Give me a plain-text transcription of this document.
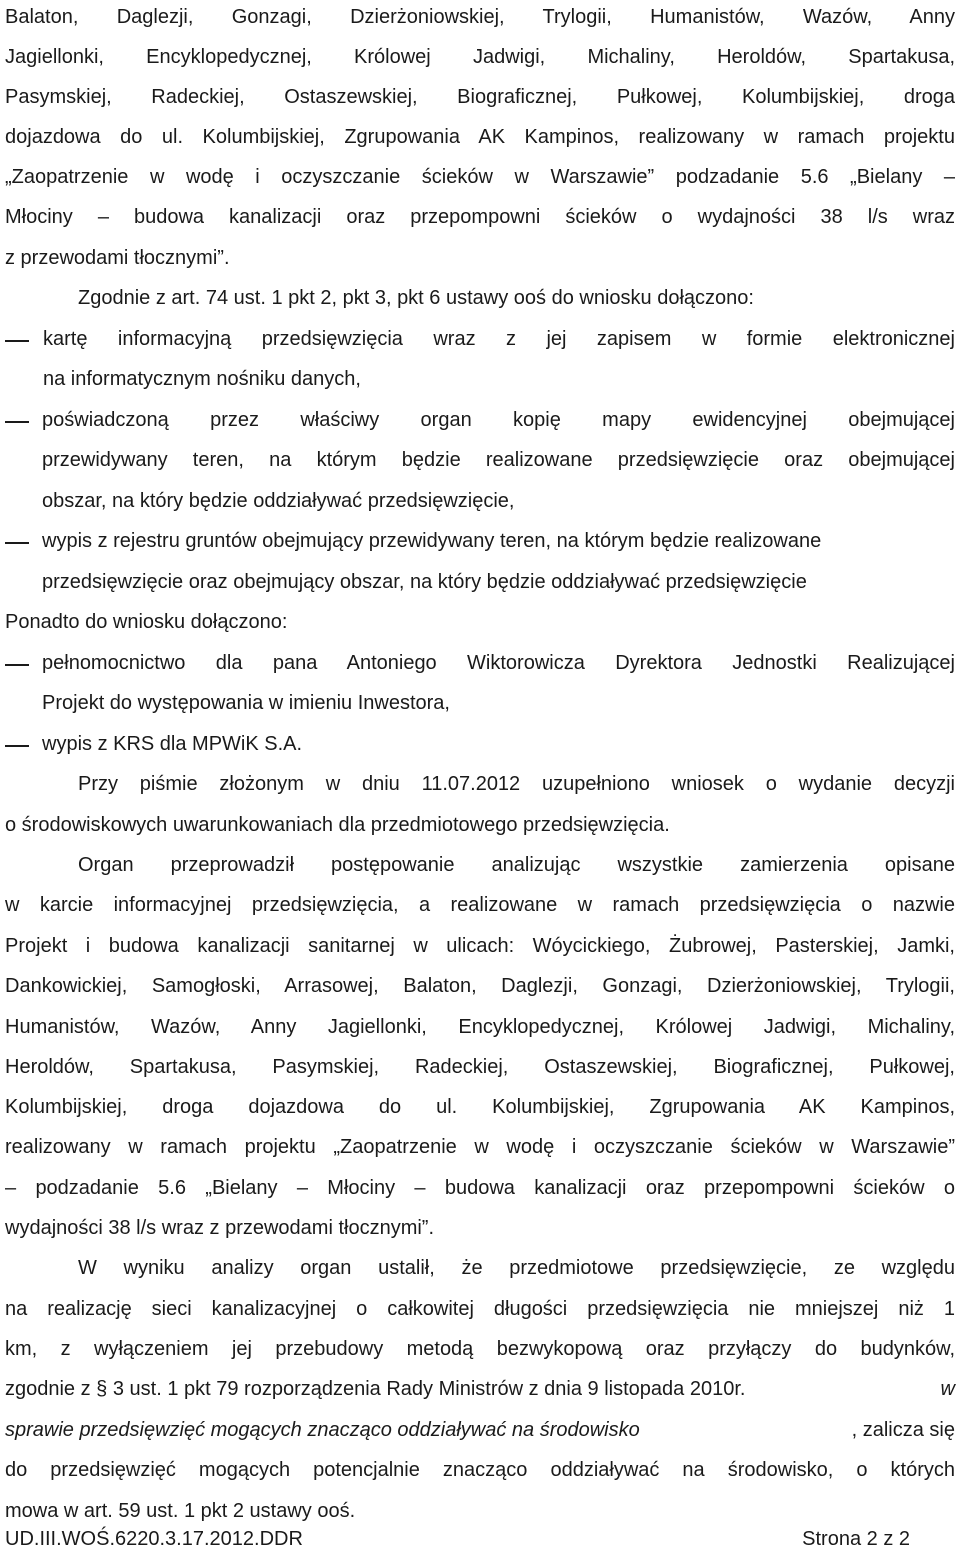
Balaton, Daglezji, Gonzagi, Dzierżoniowskiej, Trylogii, Humanistów, Wazów, Anny
Jagiellonki, Encyklopedycznej, Królowej Jadwigi, Michaliny, Heroldów, Spartakusa,
Pasymskiej, Radeckiej, Ostaszewskiej, Biograficznej, Pułkowej, Kolumbijskiej, droga
dojazdowa do ul. Kolumbijskiej, Zgrupowania AK Kampinos, realizowany w ramach projektu
„Zaopatrzenie w wodę i oczyszczanie ścieków w Warszawie” podzadanie 5.6 „Bielany –
Młociny – budowa kanalizacji oraz przepompowni ścieków o wydajności 38 l/s wraz
z przewodami tłocznymi”.
Zgodnie z art. 74 ust. 1 pkt 2, pkt 3, pkt 6 ustawy ooś do wniosku dołączono:
kartę informacyjną przedsięwzięcia wraz z jej zapisem w formie elektronicznej
na informatycznym nośniku danych,
poświadczoną przez właściwy organ kopię mapy ewidencyjnej obejmującej
przewidywany teren, na którym będzie realizowane przedsięwzięcie oraz obejmującej
obszar, na który będzie oddziaływać przedsięwzięcie,
wypis z rejestru gruntów obejmujący przewidywany teren, na którym będzie realizowane
przedsięwzięcie oraz obejmujący obszar, na który będzie oddziaływać przedsięwzięcie
Ponadto do wniosku dołączono:
pełnomocnictwo dla pana Antoniego Wiktorowicza Dyrektora Jednostki Realizującej
Projekt do występowania w imieniu Inwestora,
wypis z KRS dla MPWiK S.A.
Przy piśmie złożonym w dniu 11.07.2012 uzupełniono wniosek o wydanie decyzji
o środowiskowych uwarunkowaniach dla przedmiotowego przedsięwzięcia.
Organ przeprowadził postępowanie analizując wszystkie zamierzenia opisane
w karcie informacyjnej przedsięwzięcia, a realizowane w ramach przedsięwzięcia o nazwie
Projekt i budowa kanalizacji sanitarnej w ulicach: Wóycickiego, Żubrowej, Pasterskiej, Jamki,
Dankowickiej, Samogłoski, Arrasowej, Balaton, Daglezji, Gonzagi, Dzierżoniowskiej, Trylogii,
Humanistów, Wazów, Anny Jagiellonki, Encyklopedycznej, Królowej Jadwigi, Michaliny,
Heroldów, Spartakusa, Pasymskiej, Radeckiej, Ostaszewskiej, Biograficznej, Pułkowej,
Kolumbijskiej, droga dojazdowa do ul. Kolumbijskiej, Zgrupowania AK Kampinos,
realizowany w ramach projektu „Zaopatrzenie w wodę i oczyszczanie ścieków w Warszawie”
– podzadanie 5.6 „Bielany – Młociny – budowa kanalizacji oraz przepompowni ścieków o
wydajności 38 l/s wraz z przewodami tłocznymi”.
W wyniku analizy organ ustalił, że przedmiotowe przedsięwzięcie, ze względu
na realizację sieci kanalizacyjnej o całkowitej długości przedsięwzięcia nie mniejszej niż 1
km, z wyłączeniem jej przebudowy metodą bezwykopową oraz przyłączy do budynków,
zgodnie z § 3 ust. 1 pkt 79 rozporządzenia Rady Ministrów z dnia 9 listopada 2010r.	w
sprawie przedsięwzięć mogących znacząco oddziaływać na środowisko	, zalicza się
do przedsięwzięć mogących potencjalnie znacząco oddziaływać na środowisko, o których
mowa w art. 59 ust. 1 pkt 2 ustawy ooś.
UD.III.WOŚ.6220.3.17.2012.DDR	Strona 2 z 2
